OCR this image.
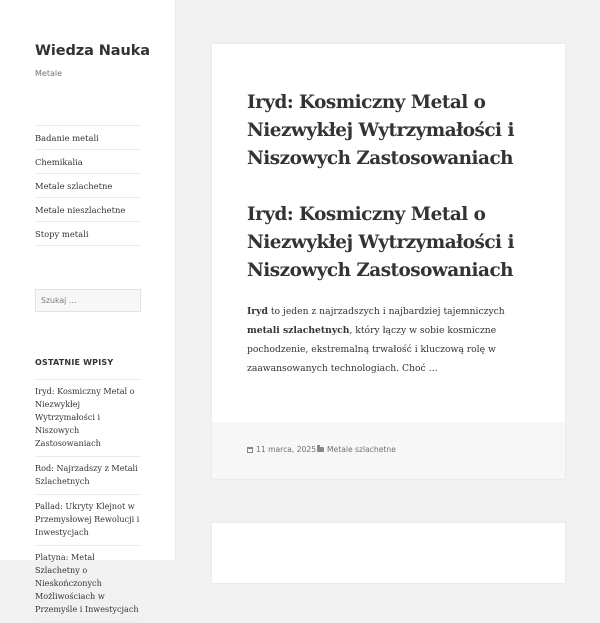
Wiedza Nauka
Metale
Badanie metali
Chemikalia
Metale szlachetne
Metale nieszlachetne
Stopy metali
Szukaj …
OSTATNIE WPISY
Iryd: Kosmiczny Metal o Niezwykłej Wytrzymałości i Niszowych Zastosowaniach
Rod: Najrzadszy z Metali Szlachetnych
Pallad: Ukryty Klejnot w Przemysłowej Rewolucji i Inwestycjach
Platyna: Metal Szlachetny o Nieskończonych Możliwościach w Przemyśle i Inwestycjach
Iryd: Kosmiczny Metal o Niezwykłej Wytrzymałości i Niszowych Zastosowaniach
Iryd: Kosmiczny Metal o Niezwykłej Wytrzymałości i Niszowych Zastosowaniach

Iryd to jeden z najrzadszych i najbardziej tajemniczych metali szlachetnych, który łączy w sobie kosmiczne pochodzenie, ekstremalną trwałość i kluczową rolę w zaawansowanych technologiach. Choć …

11 marca, 2025 Metale szlachetne
